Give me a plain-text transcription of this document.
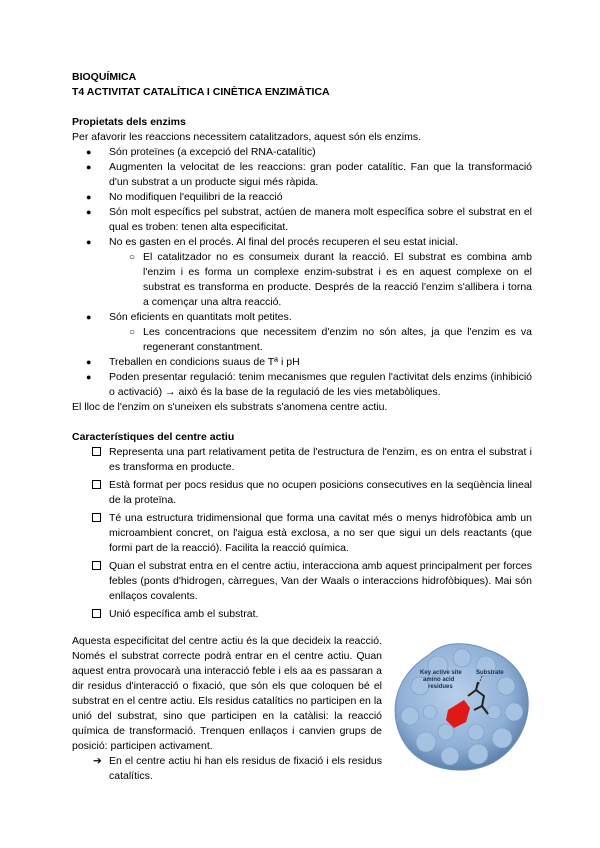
BIOQUÍMICA
T4 ACTIVITAT CATALÍTICA I CINÈTICA ENZIMÀTICA
Propietats dels enzims

Per afavorir les reaccions necessitem catalitzadors, aquest són els enzims.

● Són proteïnes (a excepció del RNA-catalític)
● Augmenten la velocitat de les reaccions: gran poder catalític. Fan que la transformació d'un substrat a un producte sigui més ràpida.
● No modifiquen l'equilibri de la reacció
● Són molt específics pel substrat, actúen de manera molt específica sobre el substrat en el qual es troben: tenen alta especificitat.
● No es gasten en el procés. Al final del procés recuperen el seu estat inicial.
○ El catalitzador no es consumeix durant la reacció. El substrat es combina amb l'enzim i es forma un complexe enzim-substrat i es en aquest complexe on el substrat es transforma en producte. Després de la reacció l'enzim s'allibera i torna a començar una altra reacció.
● Són eficients en quantitats molt petites.
○ Les concentracions que necessitem d'enzim no són altes, ja que l'enzim es va regenerant constantment.
● Treballen en condicions suaus de Tª i pH
● Poden presentar regulació: tenim mecanismes que regulen l'activitat dels enzims (inhibició o activació) → això és la base de la regulació de les vies metabòliques.

El lloc de l'enzim on s'uneixen els substrats s'anomena centre actiu.

Característiques del centre actiu
Representa una part relativament petita de l'estructura de l'enzim, es on entra el substrat i es transforma en producte.
Està format per pocs residus que no ocupen posicions consecutives en la seqüència lineal de la proteïna.
Té una estructura tridimensional que forma una cavitat més o menys hidrofòbica amb un microambient concret, on l'aigua està exclosa, a no ser que sigui un dels reactants (que formi part de la reacció). Facilita la reacció química.
Quan el substrat entra en el centre actiu, interacciona amb aquest principalment per forces febles (ponts d'hidrogen, càrregues, Van der Waals o interaccions hidrofòbiques). Mai són enllaços covalents.
Unió específica amb el substrat.

Aquesta especificitat del centre actiu és la que decideix la reacció. Només el substrat correcte podrà entrar en el centre actiu. Quan aquest entra provocarà una interacció feble i els aa es passaran a dir residus d'interacció o fixació, que són els que coloquen bé el substrat en el centre actiu. Els residus catalítics no participen en la unió del substrat, sino que participen en la catàlisi: la reacció química de transformació. Trenquen enllaços i canvien grups de posició: participen activament.

➔ En el centre actiu hi han els residus de fixació i els residus catalítics.
Key active site
amino acid
residues
Substrate
